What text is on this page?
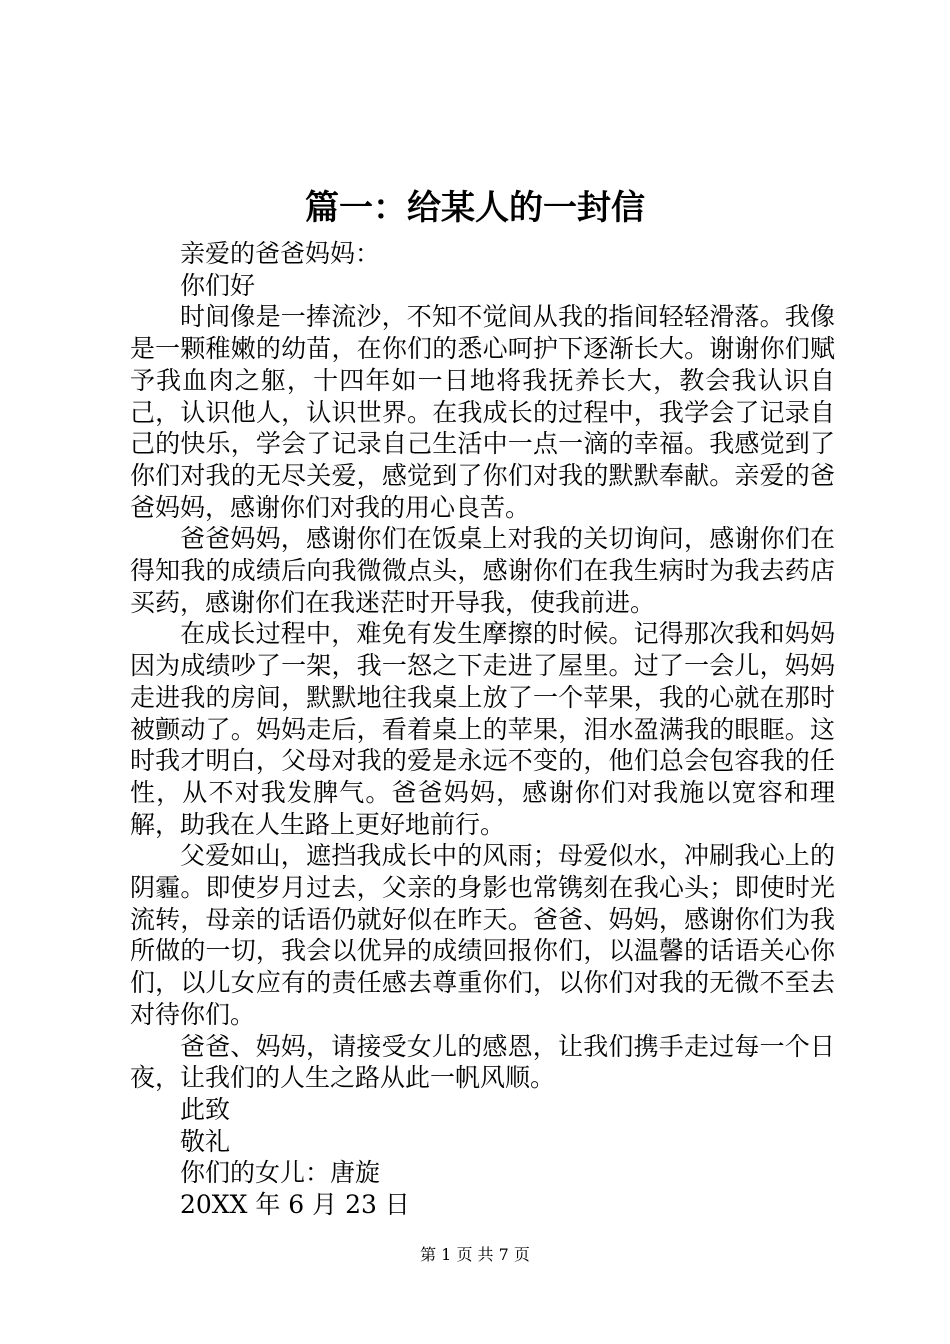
篇一：给某人的一封信

亲爱的爸爸妈妈：

你们好

时间像是一捧流沙，不知不觉间从我的指间轻轻滑落。我像是一颗稚嫩的幼苗，在你们的悉心呵护下逐渐长大。谢谢你们赋予我血肉之躯，十四年如一日地将我抚养长大，教会我认识自己，认识他人，认识世界。在我成长的过程中，我学会了记录自己的快乐，学会了记录自己生活中一点一滴的幸福。我感觉到了你们对我的无尽关爱，感觉到了你们对我的默默奉献。亲爱的爸爸妈妈，感谢你们对我的用心良苦。

爸爸妈妈，感谢你们在饭桌上对我的关切询问，感谢你们在得知我的成绩后向我微微点头，感谢你们在我生病时为我去药店买药，感谢你们在我迷茫时开导我，使我前进。

在成长过程中，难免有发生摩擦的时候。记得那次我和妈妈因为成绩吵了一架，我一怒之下走进了屋里。过了一会儿，妈妈走进我的房间，默默地往我桌上放了一个苹果，我的心就在那时被颤动了。妈妈走后，看着桌上的苹果，泪水盈满我的眼眶。这时我才明白，父母对我的爱是永远不变的，他们总会包容我的任性，从不对我发脾气。爸爸妈妈，感谢你们对我施以宽容和理解，助我在人生路上更好地前行。

父爱如山，遮挡我成长中的风雨；母爱似水，冲刷我心上的阴霾。即使岁月过去，父亲的身影也常镌刻在我心头；即使时光流转，母亲的话语仍就好似在昨天。爸爸、妈妈，感谢你们为我所做的一切，我会以优异的成绩回报你们，以温馨的话语关心你们，以儿女应有的责任感去尊重你们，以你们对我的无微不至去对待你们。

爸爸、妈妈，请接受女儿的感恩，让我们携手走过每一个日夜，让我们的人生之路从此一帆风顺。

此致

敬礼

你们的女儿：唐旋

20XX 年 6 月 23 日

第 1 页 共 7 页
